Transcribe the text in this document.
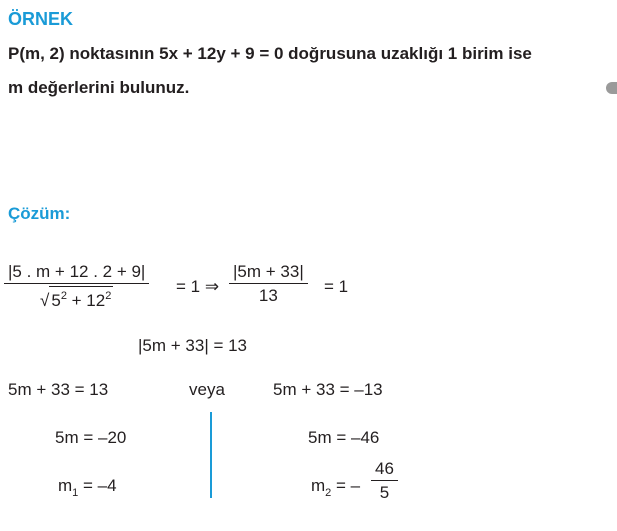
ÖRNEK
P(m, 2) noktasının 5x + 12y + 9 = 0 doğrusuna uzaklığı 1 birim ise
m değerlerini bulunuz.
Çözüm:
$\frac{|5 . m + 12 . 2 + 9|}{√ 5^2 + 12^2} = 1$ ⇒ $\frac{|5m + 33|}{13} = 1$
|5m + 33| = 13
5m + 33 = 13	veya	5m + 33 = –13
5m = –20	5m = –46
$m_1 = -4$	$m_2$ = – $\frac{46}{5}$
